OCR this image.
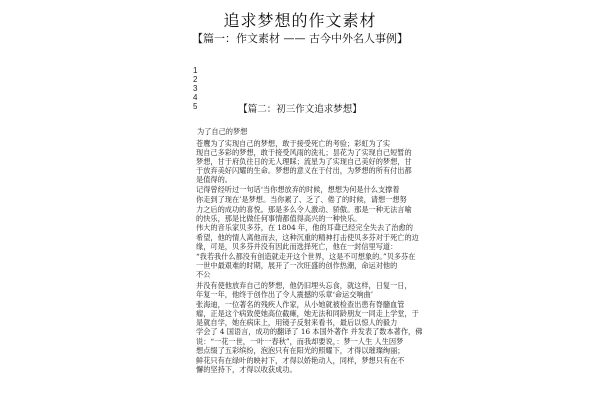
追求梦想的作文素材
【篇一：作文素材 —— 古今中外名人事例】
1
2
3
4
5	【篇二：初三作文追求梦想】
为了自己的梦想
苍鹰为了实现自己的梦想，敢于接受死亡的考验；彩虹为了实
现自己多彩的梦想，敢于接受风雨的洗礼；昙花为了实现自己短暂的
梦想，甘于府负往日的无人理睬；流星为了实现自己美好的梦想，甘
于放弃美好闪耀的生命。梦想的意义在于付出，为梦想的所有付出都
是值得的。
记得曾经听过一句话‘当你想放弃的时候，想想为何是什么支撑着
你走到了现在’是梦想。当你累了、乏了、倦了的时候，请想一想努
力之后的成功的喜悦。那是多么令人激动、骄傲。那是一种无法言喻
的快乐，那是比做任何事情都值得高兴的一种快乐。
伟大的音乐家贝多芬，在 1804 年，他的耳聋已经完全失去了治愈的
希望，他的情人离他而去，这种沉重的精神打击使贝多芬对于死亡的边
缘，可是，贝多芬并没有因此而选择死亡，他在一封信里写道：
“我若我什么都没有创造就走开这个世界，这是不可想象的。”贝多芬在
一世中最艰难的时期，展开了一次旺盛的创作热潮，命运对他的
不公
并没有使他放弃自己的梦想，他仍旧埋头忘食，就这样，日复一日，
年复一年，他终于创作出了令人震撼的乐章‘命运交响曲’
张海迪，一位著名的残疾人作家，从小她就被检查出患有脊髓血管
瘤，正是这个病致使她高位截瘫，她无法和同龄朋友一同走上学堂，于
是就自学，她在病床上，用镜子反射来看书，最后以惊人的毅力
学会了 4 国语言，成功的翻译了 16 本国外著作 并发表了数本著作，佛
说：“一花一世，一叶一春秋”，而我却要说，：梦一人生 人生因梦
想点缀了五彩缤纷，泡泡只有在阳光的照耀下，才得以璀璨绚丽；
鲜花只有在绿叶的映衬下，才得以娇艳动人，同样，梦想只有在不
懈的坚持下，才得以收获成功。
